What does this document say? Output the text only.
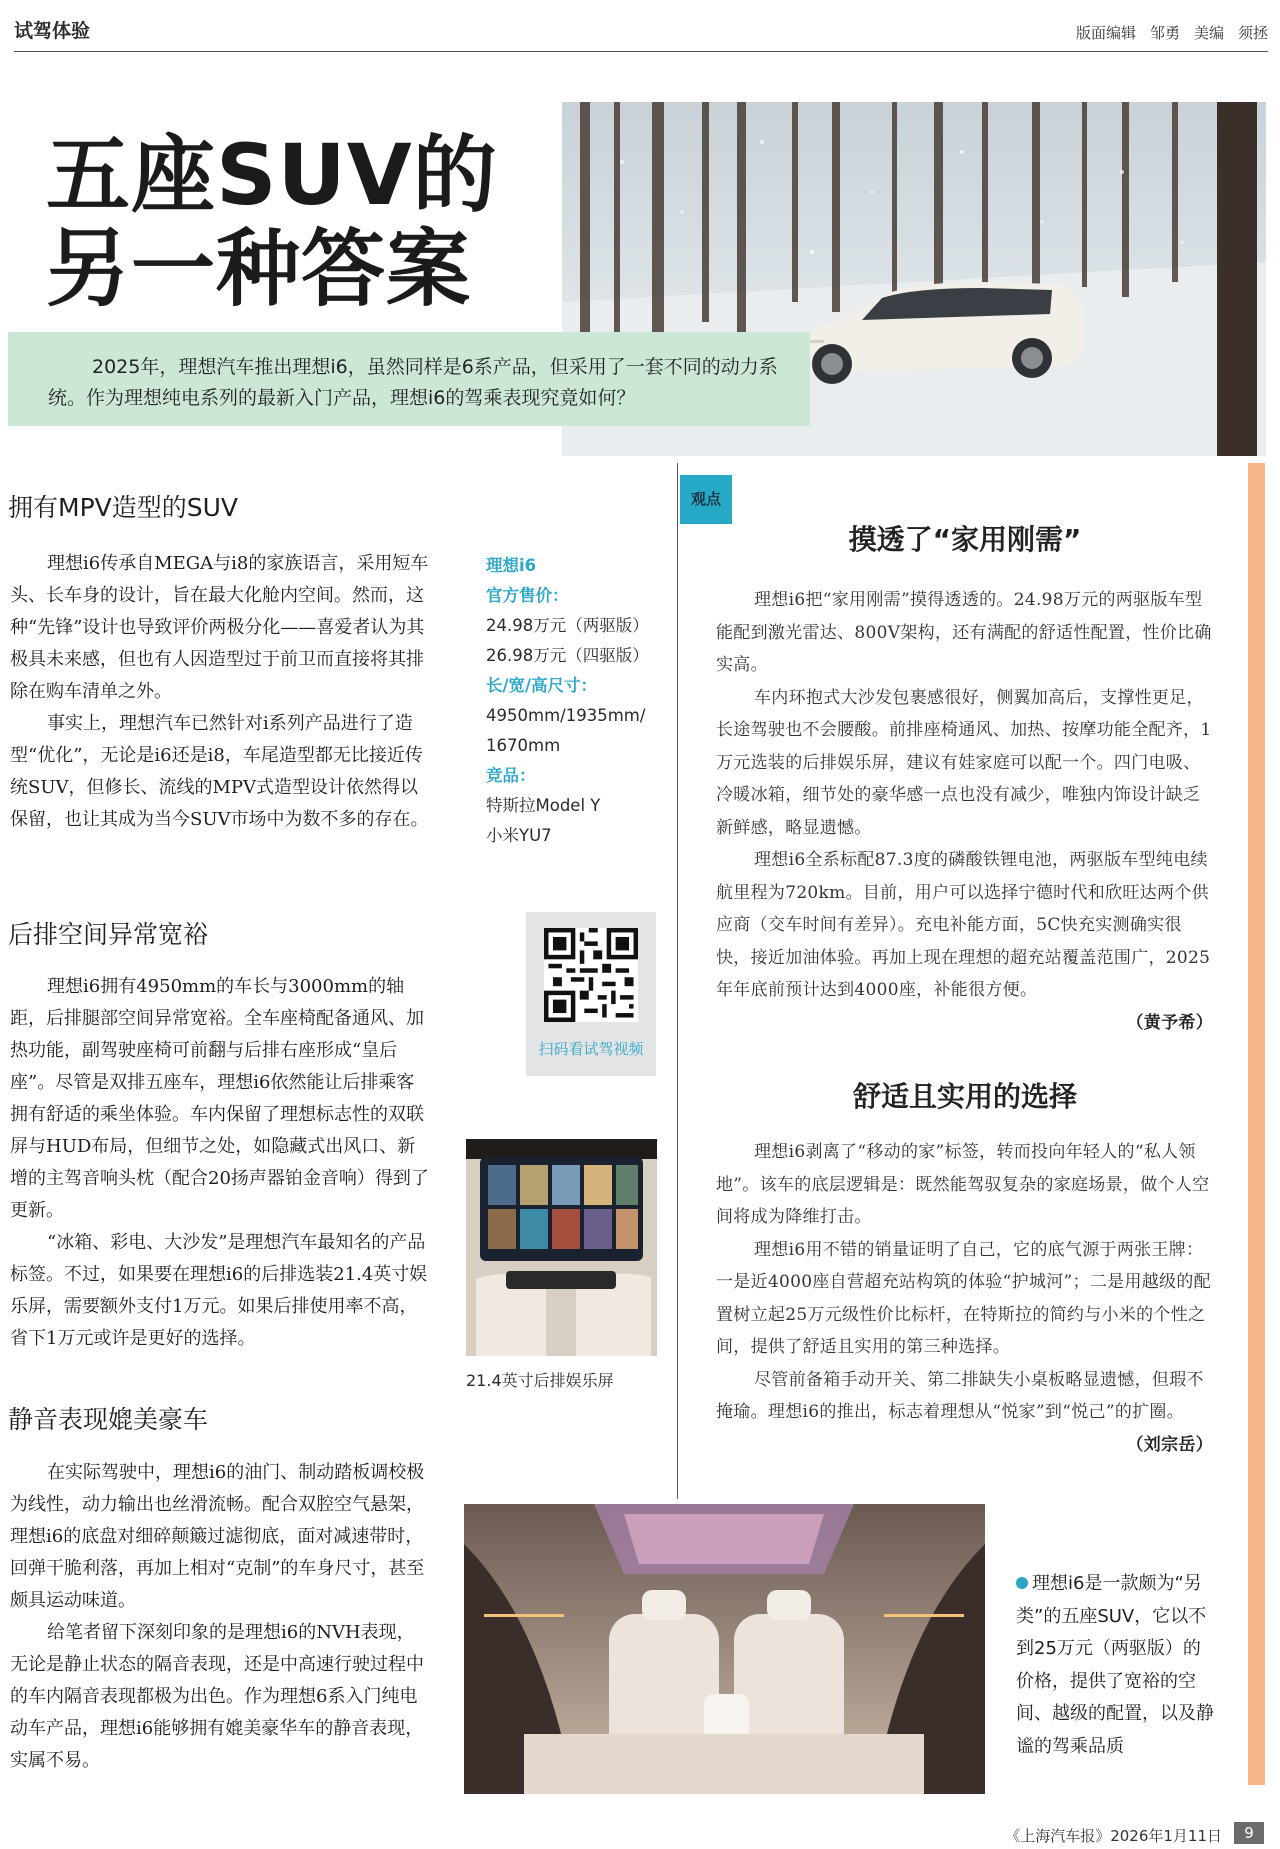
试驾体验	版面编辑 邹勇 美编 须拯
五座SUV的
另一种答案

2025年，理想汽车推出理想i6，虽然同样是6系产品，但采用了一套不同的动力系统。作为理想纯电系列的最新入门产品，理想i6的驾乘表现究竟如何？

拥有MPV造型的SUV

理想i6传承自MEGA与i8的家族语言，采用短车头、长车身的设计，旨在最大化舱内空间。然而，这种“先锋”设计也导致评价两极分化——喜爱者认为其极具未来感，但也有人因造型过于前卫而直接将其排除在购车清单之外。

事实上，理想汽车已然针对i系列产品进行了造型“优化”，无论是i6还是i8，车尾造型都无比接近传统SUV，但修长、流线的MPV式造型设计依然得以保留，也让其成为当今SUV市场中为数不多的存在。

后排空间异常宽裕

理想i6拥有4950mm的车长与3000mm的轴距，后排腿部空间异常宽裕。全车座椅配备通风、加热功能，副驾驶座椅可前翻与后排右座形成“皇后座”。尽管是双排五座车，理想i6依然能让后排乘客拥有舒适的乘坐体验。车内保留了理想标志性的双联屏与HUD布局，但细节之处，如隐藏式出风口、新增的主驾音响头枕（配合20扬声器铂金音响）得到了更新。

“冰箱、彩电、大沙发”是理想汽车最知名的产品标签。不过，如果要在理想i6的后排选装21.4英寸娱乐屏，需要额外支付1万元。如果后排使用率不高，省下1万元或许是更好的选择。

静音表现媲美豪车

在实际驾驶中，理想i6的油门、制动踏板调校极为线性，动力输出也丝滑流畅。配合双腔空气悬架，理想i6的底盘对细碎颠簸过滤彻底，面对减速带时，回弹干脆利落，再加上相对“克制”的车身尺寸，甚至颇具运动味道。

给笔者留下深刻印象的是理想i6的NVH表现，无论是静止状态的隔音表现，还是中高速行驶过程中的车内隔音表现都极为出色。作为理想6系入门纯电动车产品，理想i6能够拥有媲美豪华车的静音表现，实属不易。

理想i6
官方售价：
24.98万元（两驱版）
26.98万元（四驱版）
长/宽/高尺寸：
4950mm/1935mm/
1670mm
竞品：
特斯拉Model Y
小米YU7
扫码看试驾视频
21.4英寸后排娱乐屏
观点
摸透了“家用刚需”

理想i6把“家用刚需”摸得透透的。24.98万元的两驱版车型能配到激光雷达、800V架构，还有满配的舒适性配置，性价比确实高。

车内环抱式大沙发包裹感很好，侧翼加高后，支撑性更足，长途驾驶也不会腰酸。前排座椅通风、加热、按摩功能全配齐，1万元选装的后排娱乐屏，建议有娃家庭可以配一个。四门电吸、冷暖冰箱，细节处的豪华感一点也没有减少，唯独内饰设计缺乏新鲜感，略显遗憾。

理想i6全系标配87.3度的磷酸铁锂电池，两驱版车型纯电续航里程为720km。目前，用户可以选择宁德时代和欣旺达两个供应商（交车时间有差异）。充电补能方面，5C快充实测确实很快，接近加油体验。再加上现在理想的超充站覆盖范围广，2025年年底前预计达到4000座，补能很方便。

（黄予希）
舒适且实用的选择

理想i6剥离了“移动的家”标签，转而投向年轻人的“私人领地”。该车的底层逻辑是：既然能驾驭复杂的家庭场景，做个人空间将成为降维打击。

理想i6用不错的销量证明了自己，它的底气源于两张王牌：一是近4000座自营超充站构筑的体验“护城河”；二是用越级的配置树立起25万元级性价比标杆，在特斯拉的简约与小米的个性之间，提供了舒适且实用的第三种选择。

尽管前备箱手动开关、第二排缺失小桌板略显遗憾，但瑕不掩瑜。理想i6的推出，标志着理想从“悦家”到“悦己”的扩圈。

（刘宗岳）
理想i6是一款颇为“另类”的五座SUV，它以不到25万元（两驱版）的价格，提供了宽裕的空间、越级的配置，以及静谧的驾乘品质
《上海汽车报》2026年1月11日	9
